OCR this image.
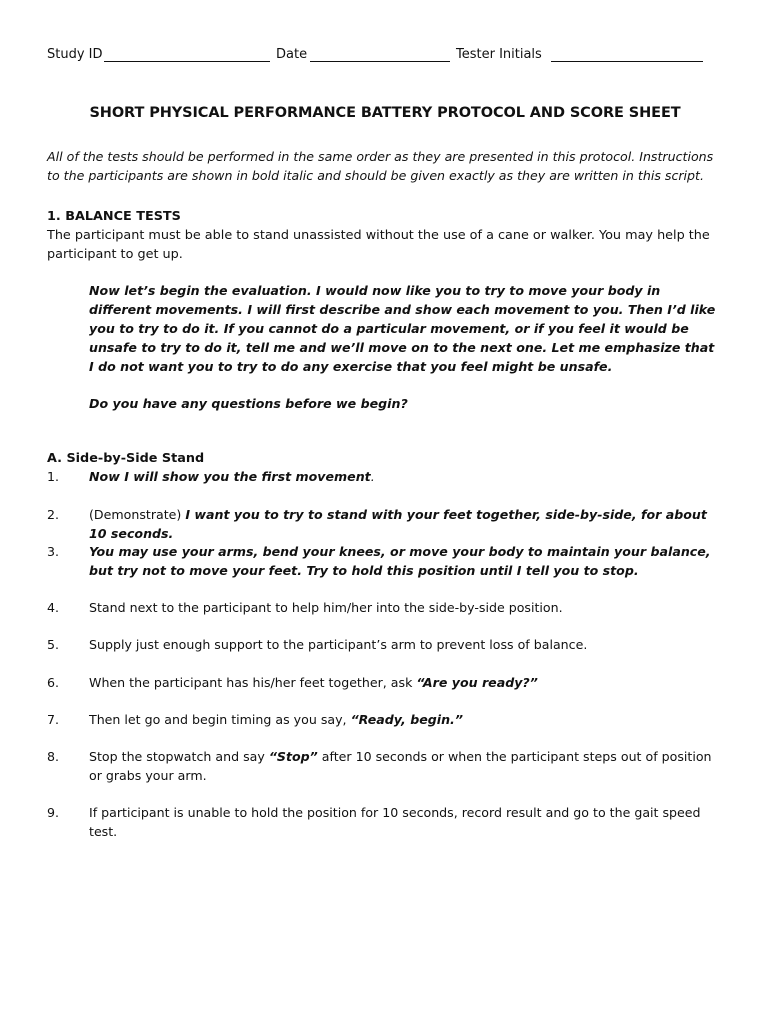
Study ID	Date	Tester Initials
SHORT PHYSICAL PERFORMANCE BATTERY PROTOCOL AND SCORE SHEET
All of the tests should be performed in the same order as they are presented in this protocol. Instructions to the participants are shown in bold italic and should be given exactly as they are written in this script.
1. BALANCE TESTS
The participant must be able to stand unassisted without the use of a cane or walker. You may help the participant to get up.
Now let’s begin the evaluation. I would now like you to try to move your body in different movements. I will first describe and show each movement to you. Then I’d like you to try to do it. If you cannot do a particular movement, or if you feel it would be unsafe to try to do it, tell me and we’ll move on to the next one. Let me emphasize that I do not want you to try to do any exercise that you feel might be unsafe.
Do you have any questions before we begin?
A. Side-by-Side Stand
1. Now I will show you the first movement.
2. (Demonstrate) I want you to try to stand with your feet together, side-by-side, for about 10 seconds.
3. You may use your arms, bend your knees, or move your body to maintain your balance, but try not to move your feet. Try to hold this position until I tell you to stop.
4. Stand next to the participant to help him/her into the side-by-side position.
5. Supply just enough support to the participant’s arm to prevent loss of balance.
6. When the participant has his/her feet together, ask “Are you ready?”
7. Then let go and begin timing as you say, “Ready, begin.”
8. Stop the stopwatch and say “Stop” after 10 seconds or when the participant steps out of position or grabs your arm.
9. If participant is unable to hold the position for 10 seconds, record result and go to the gait speed test.
